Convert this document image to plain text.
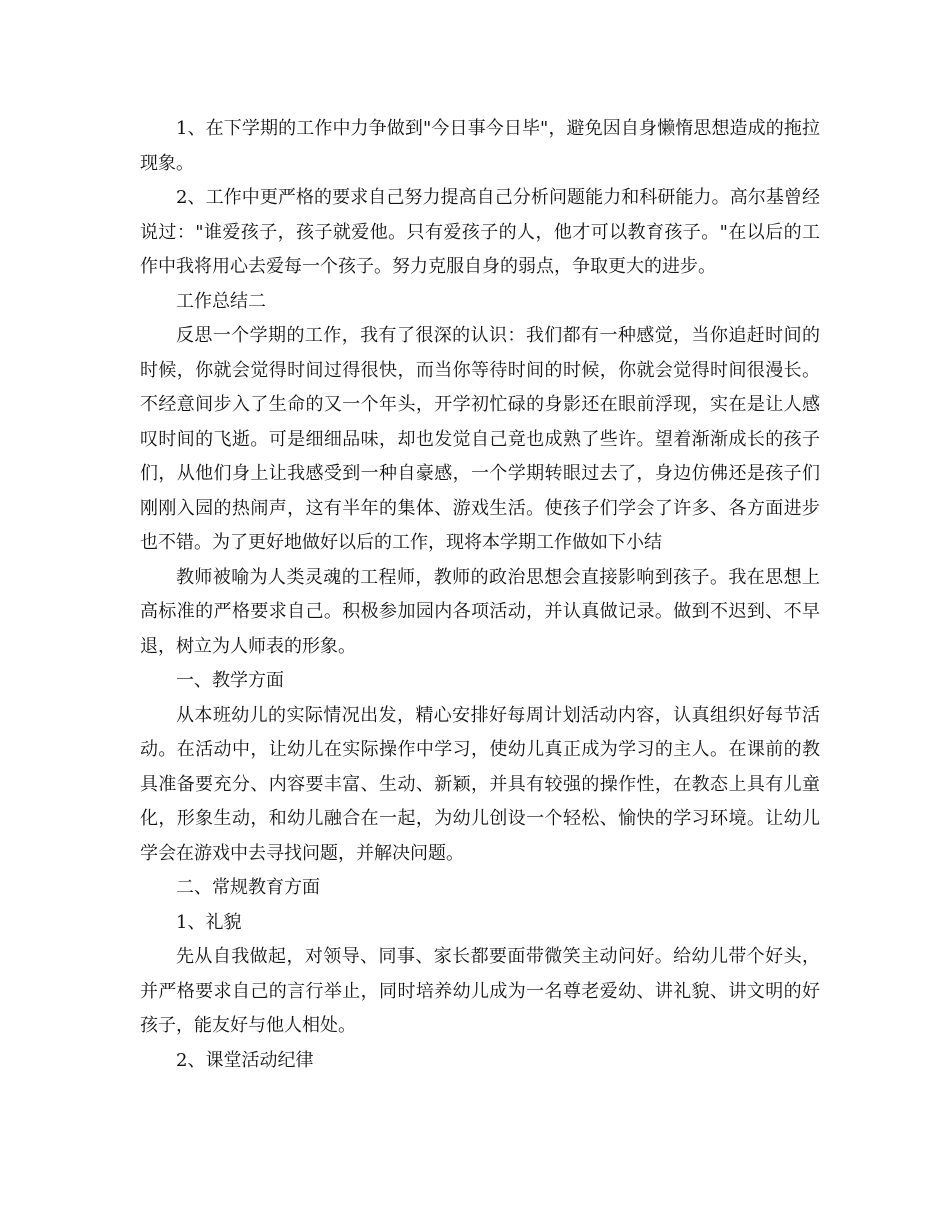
1、在下学期的工作中力争做到"今日事今日毕"，避免因自身懒惰思想造成的拖拉现象。

2、工作中更严格的要求自己努力提高自己分析问题能力和科研能力。高尔基曾经说过："谁爱孩子，孩子就爱他。只有爱孩子的人，他才可以教育孩子。"在以后的工作中我将用心去爱每一个孩子。努力克服自身的弱点，争取更大的进步。

工作总结二

反思一个学期的工作，我有了很深的认识：我们都有一种感觉，当你追赶时间的时候，你就会觉得时间过得很快，而当你等待时间的时候，你就会觉得时间很漫长。不经意间步入了生命的又一个年头，开学初忙碌的身影还在眼前浮现，实在是让人感叹时间的飞逝。可是细细品味，却也发觉自己竟也成熟了些许。望着渐渐成长的孩子们，从他们身上让我感受到一种自豪感，一个学期转眼过去了，身边仿佛还是孩子们刚刚入园的热闹声，这有半年的集体、游戏生活。使孩子们学会了许多、各方面进步也不错。为了更好地做好以后的工作，现将本学期工作做如下小结

教师被喻为人类灵魂的工程师，教师的政治思想会直接影响到孩子。我在思想上高标准的严格要求自己。积极参加园内各项活动，并认真做记录。做到不迟到、不早退，树立为人师表的形象。

一、教学方面

从本班幼儿的实际情况出发，精心安排好每周计划活动内容，认真组织好每节活动。在活动中，让幼儿在实际操作中学习，使幼儿真正成为学习的主人。在课前的教具准备要充分、内容要丰富、生动、新颖，并具有较强的操作性，在教态上具有儿童化，形象生动，和幼儿融合在一起，为幼儿创设一个轻松、愉快的学习环境。让幼儿学会在游戏中去寻找问题，并解决问题。

二、常规教育方面

1、礼貌

先从自我做起，对领导、同事、家长都要面带微笑主动问好。给幼儿带个好头，并严格要求自己的言行举止，同时培养幼儿成为一名尊老爱幼、讲礼貌、讲文明的好孩子，能友好与他人相处。

2、课堂活动纪律
